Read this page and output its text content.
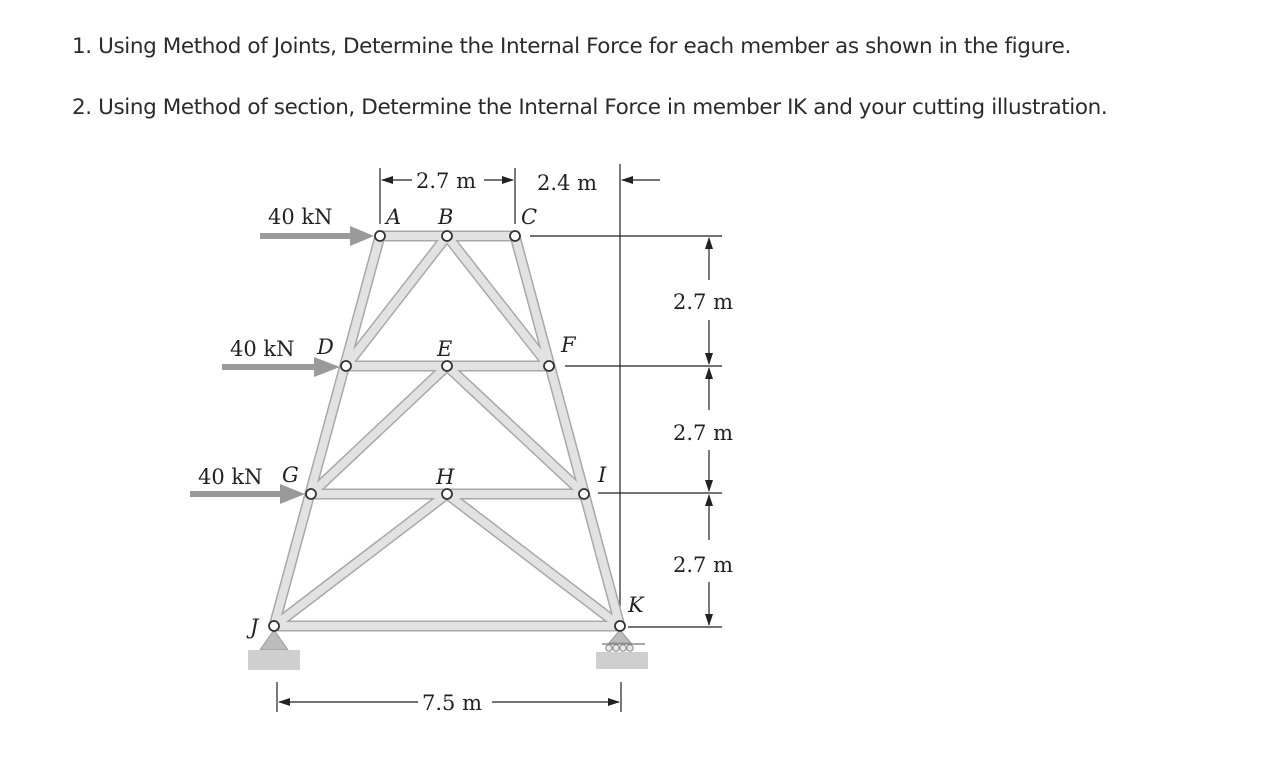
1. Using Method of Joints, Determine the Internal Force for each member as shown in the figure.

2. Using Method of section, Determine the Internal Force in member IK and your cutting illustration.

40 kN
40 kN
40 kN
A B	C
D	E	F
G	H	I
J
K
2.7 m	2.4 m
2.7 m
2.7 m
2.7 m
7.5 m
